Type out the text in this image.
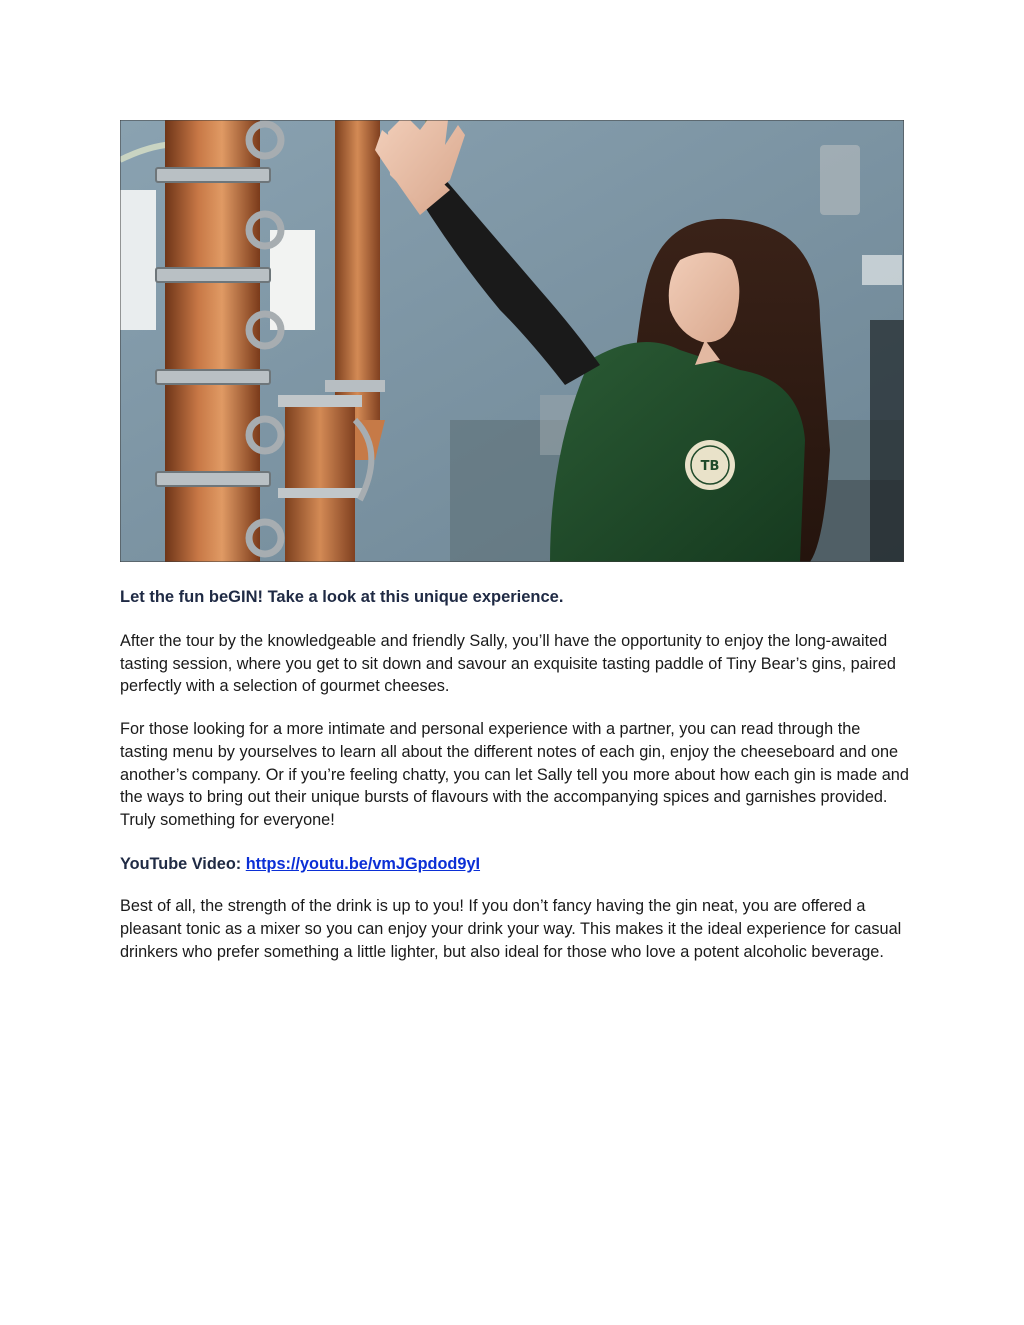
TB

Let the fun beGIN! Take a look at this unique experience.

After the tour by the knowledgeable and friendly Sally, you’ll have the opportunity to enjoy the long-awaited tasting session, where you get to sit down and savour an exquisite tasting paddle of Tiny Bear’s gins, paired perfectly with a selection of gourmet cheeses.

For those looking for a more intimate and personal experience with a partner, you can read through the tasting menu by yourselves to learn all about the different notes of each gin, enjoy the cheeseboard and one another’s company. Or if you’re feeling chatty, you can let Sally tell you more about how each gin is made and the ways to bring out their unique bursts of flavours with the accompanying spices and garnishes provided. Truly something for everyone!

YouTube Video: https://youtu.be/vmJGpdod9yI

Best of all, the strength of the drink is up to you! If you don’t fancy having the gin neat, you are offered a pleasant tonic as a mixer so you can enjoy your drink your way. This makes it the ideal experience for casual drinkers who prefer something a little lighter, but also ideal for those who love a potent alcoholic beverage.
